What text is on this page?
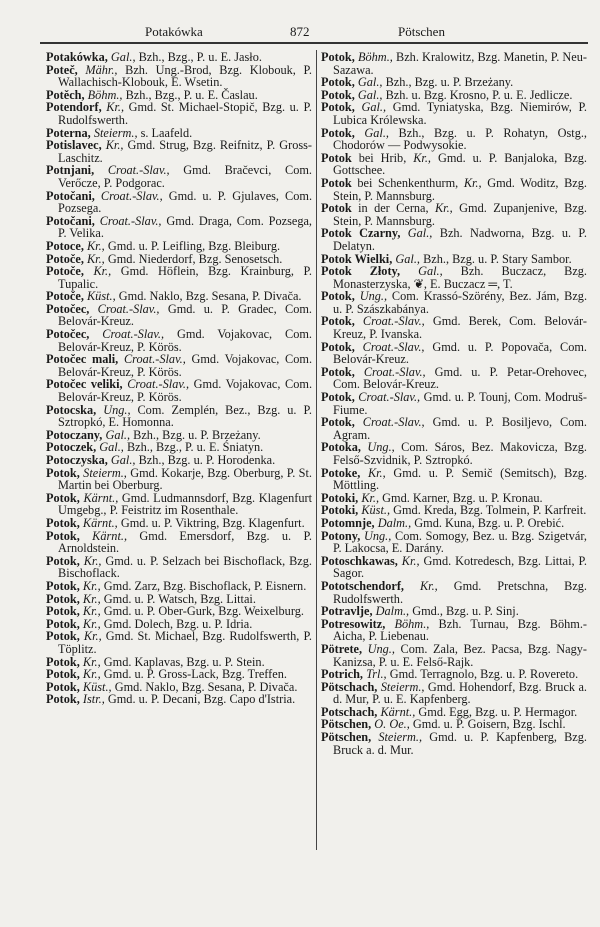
Potakówka	872	Pötschen

Potakówka, Gal., Bzh., Bzg., P. u. E. Jasło.

Poteč, Mähr., Bzh. Ung.-Brod, Bzg. Klobouk, P. Wallachisch-Klobouk, E. Wsetin.

Potěch, Böhm., Bzh., Bzg., P. u. E. Časlau.

Potendorf, Kr., Gmd. St. Michael-Stopič, Bzg. u. P. Rudolfswerth.

Poterna, Steierm., s. Laafeld.

Potislavec, Kr., Gmd. Strug, Bzg. Reifnitz, P. Gross-Laschitz.

Potnjani, Croat.-Slav., Gmd. Bračevci, Com. Verőcze, P. Podgorac.

Potočani, Croat.-Slav., Gmd. u. P. Gjulaves, Com. Pozsega.

Potočani, Croat.-Slav., Gmd. Draga, Com. Pozsega, P. Velika.

Potoce, Kr., Gmd. u. P. Leifling, Bzg. Bleiburg.

Potoče, Kr., Gmd. Niederdorf, Bzg. Senosetsch.

Potoče, Kr., Gmd. Höflein, Bzg. Krainburg, P. Tupalic.

Potoče, Küst., Gmd. Naklo, Bzg. Sesana, P. Divača.

Potočec, Croat.-Slav., Gmd. u. P. Gradec, Com. Belovár-Kreuz.

Potočec, Croat.-Slav., Gmd. Vojakovac, Com. Belovár-Kreuz, P. Körös.

Potočec mali, Croat.-Slav., Gmd. Vojakovac, Com. Belovár-Kreuz, P. Körös.

Potočec veliki, Croat.-Slav., Gmd. Vojakovac, Com. Belovár-Kreuz, P. Körös.

Potocska, Ung., Com. Zemplén, Bez., Bzg. u. P. Sztropkó, E. Homonna.

Potoczany, Gal., Bzh., Bzg. u. P. Brzeżany.

Potoczek, Gal., Bzh., Bzg., P. u. E. Śniatyn.

Potoczyska, Gal., Bzh., Bzg. u. P. Horodenka.

Potok, Steierm., Gmd. Kokarje, Bzg. Oberburg, P. St. Martin bei Oberburg.

Potok, Kärnt., Gmd. Ludmannsdorf, Bzg. Klagenfurt Umgebg., P. Feistritz im Rosenthale.

Potok, Kärnt., Gmd. u. P. Viktring, Bzg. Klagenfurt.

Potok, Kärnt., Gmd. Emersdorf, Bzg. u. P. Arnoldstein.

Potok, Kr., Gmd. u. P. Selzach bei Bischoflack, Bzg. Bischoflack.

Potok, Kr., Gmd. Zarz, Bzg. Bischoflack, P. Eisnern.

Potok, Kr., Gmd. u. P. Watsch, Bzg. Littai.

Potok, Kr., Gmd. u. P. Ober-Gurk, Bzg. Weixelburg.

Potok, Kr., Gmd. Dolech, Bzg. u. P. Idria.

Potok, Kr., Gmd. St. Michael, Bzg. Rudolfswerth, P. Töplitz.

Potok, Kr., Gmd. Kaplavas, Bzg. u. P. Stein.

Potok, Kr., Gmd. u. P. Gross-Lack, Bzg. Treffen.

Potok, Küst., Gmd. Naklo, Bzg. Sesana, P. Divača.

Potok, Istr., Gmd. u. P. Decani, Bzg. Capo d'Istria.

Potok, Böhm., Bzh. Kralowitz, Bzg. Manetin, P. Neu-Sazawa.

Potok, Gal., Bzh., Bzg. u. P. Brzeżany.

Potok, Gal., Bzh. u. Bzg. Krosno, P. u. E. Jedlicze.

Potok, Gal., Gmd. Tyniatyska, Bzg. Niemirów, P. Lubica Królewska.

Potok, Gal., Bzh., Bzg. u. P. Rohatyn, Ostg., Chodorów — Podwysokie.

Potok bei Hrib, Kr., Gmd. u. P. Banjaloka, Bzg. Gottschee.

Potok bei Schenkenthurm, Kr., Gmd. Woditz, Bzg. Stein, P. Mannsburg.

Potok in der Cerna, Kr., Gmd. Zupanjenive, Bzg. Stein, P. Mannsburg.

Potok Czarny, Gal., Bzh. Nadworna, Bzg. u. P. Delatyn.

Potok Wielki, Gal., Bzh., Bzg. u. P. Stary Sambor.

Potok Złoty, Gal., Bzh. Buczacz, Bzg. Monasterzyska, ❦, E. Buczacz ═, T.

Potok, Ung., Com. Krassó-Szörény, Bez. Jám, Bzg. u. P. Szászkabánya.

Potok, Croat.-Slav., Gmd. Berek, Com. Belovár-Kreuz, P. Ivanska.

Potok, Croat.-Slav., Gmd. u. P. Popovača, Com. Belovár-Kreuz.

Potok, Croat.-Slav., Gmd. u. P. Petar-Orehovec, Com. Belovár-Kreuz.

Potok, Croat.-Slav., Gmd. u. P. Tounj, Com. Modruš-Fiume.

Potok, Croat.-Slav., Gmd. u. P. Bosiljevo, Com. Agram.

Potoka, Ung., Com. Sáros, Bez. Makovicza, Bzg. Felső-Szvidnik, P. Sztropkó.

Potoke, Kr., Gmd. u. P. Semič (Semitsch), Bzg. Möttling.

Potoki, Kr., Gmd. Karner, Bzg. u. P. Kronau.

Potoki, Küst., Gmd. Kreda, Bzg. Tolmein, P. Karfreit.

Potomnje, Dalm., Gmd. Kuna, Bzg. u. P. Orebić.

Potony, Ung., Com. Somogy, Bez. u. Bzg. Szigetvár, P. Lakocsa, E. Darány.

Potoschkawas, Kr., Gmd. Kotredesch, Bzg. Littai, P. Sagor.

Pototschendorf, Kr., Gmd. Pretschna, Bzg. Rudolfswerth.

Potravlje, Dalm., Gmd., Bzg. u. P. Sinj.

Potresowitz, Böhm., Bzh. Turnau, Bzg. Böhm.-Aicha, P. Liebenau.

Pötrete, Ung., Com. Zala, Bez. Pacsa, Bzg. Nagy-Kanizsa, P. u. E. Felső-Rajk.

Potrich, Trl., Gmd. Terragnolo, Bzg. u. P. Rovereto.

Pötschach, Steierm., Gmd. Hohendorf, Bzg. Bruck a. d. Mur, P. u. E. Kapfenberg.

Potschach, Kärnt., Gmd. Egg, Bzg. u. P. Hermagor.

Pötschen, O. Oe., Gmd. u. P. Goisern, Bzg. Ischl.

Pötschen, Steierm., Gmd. u. P. Kapfenberg, Bzg. Bruck a. d. Mur.
